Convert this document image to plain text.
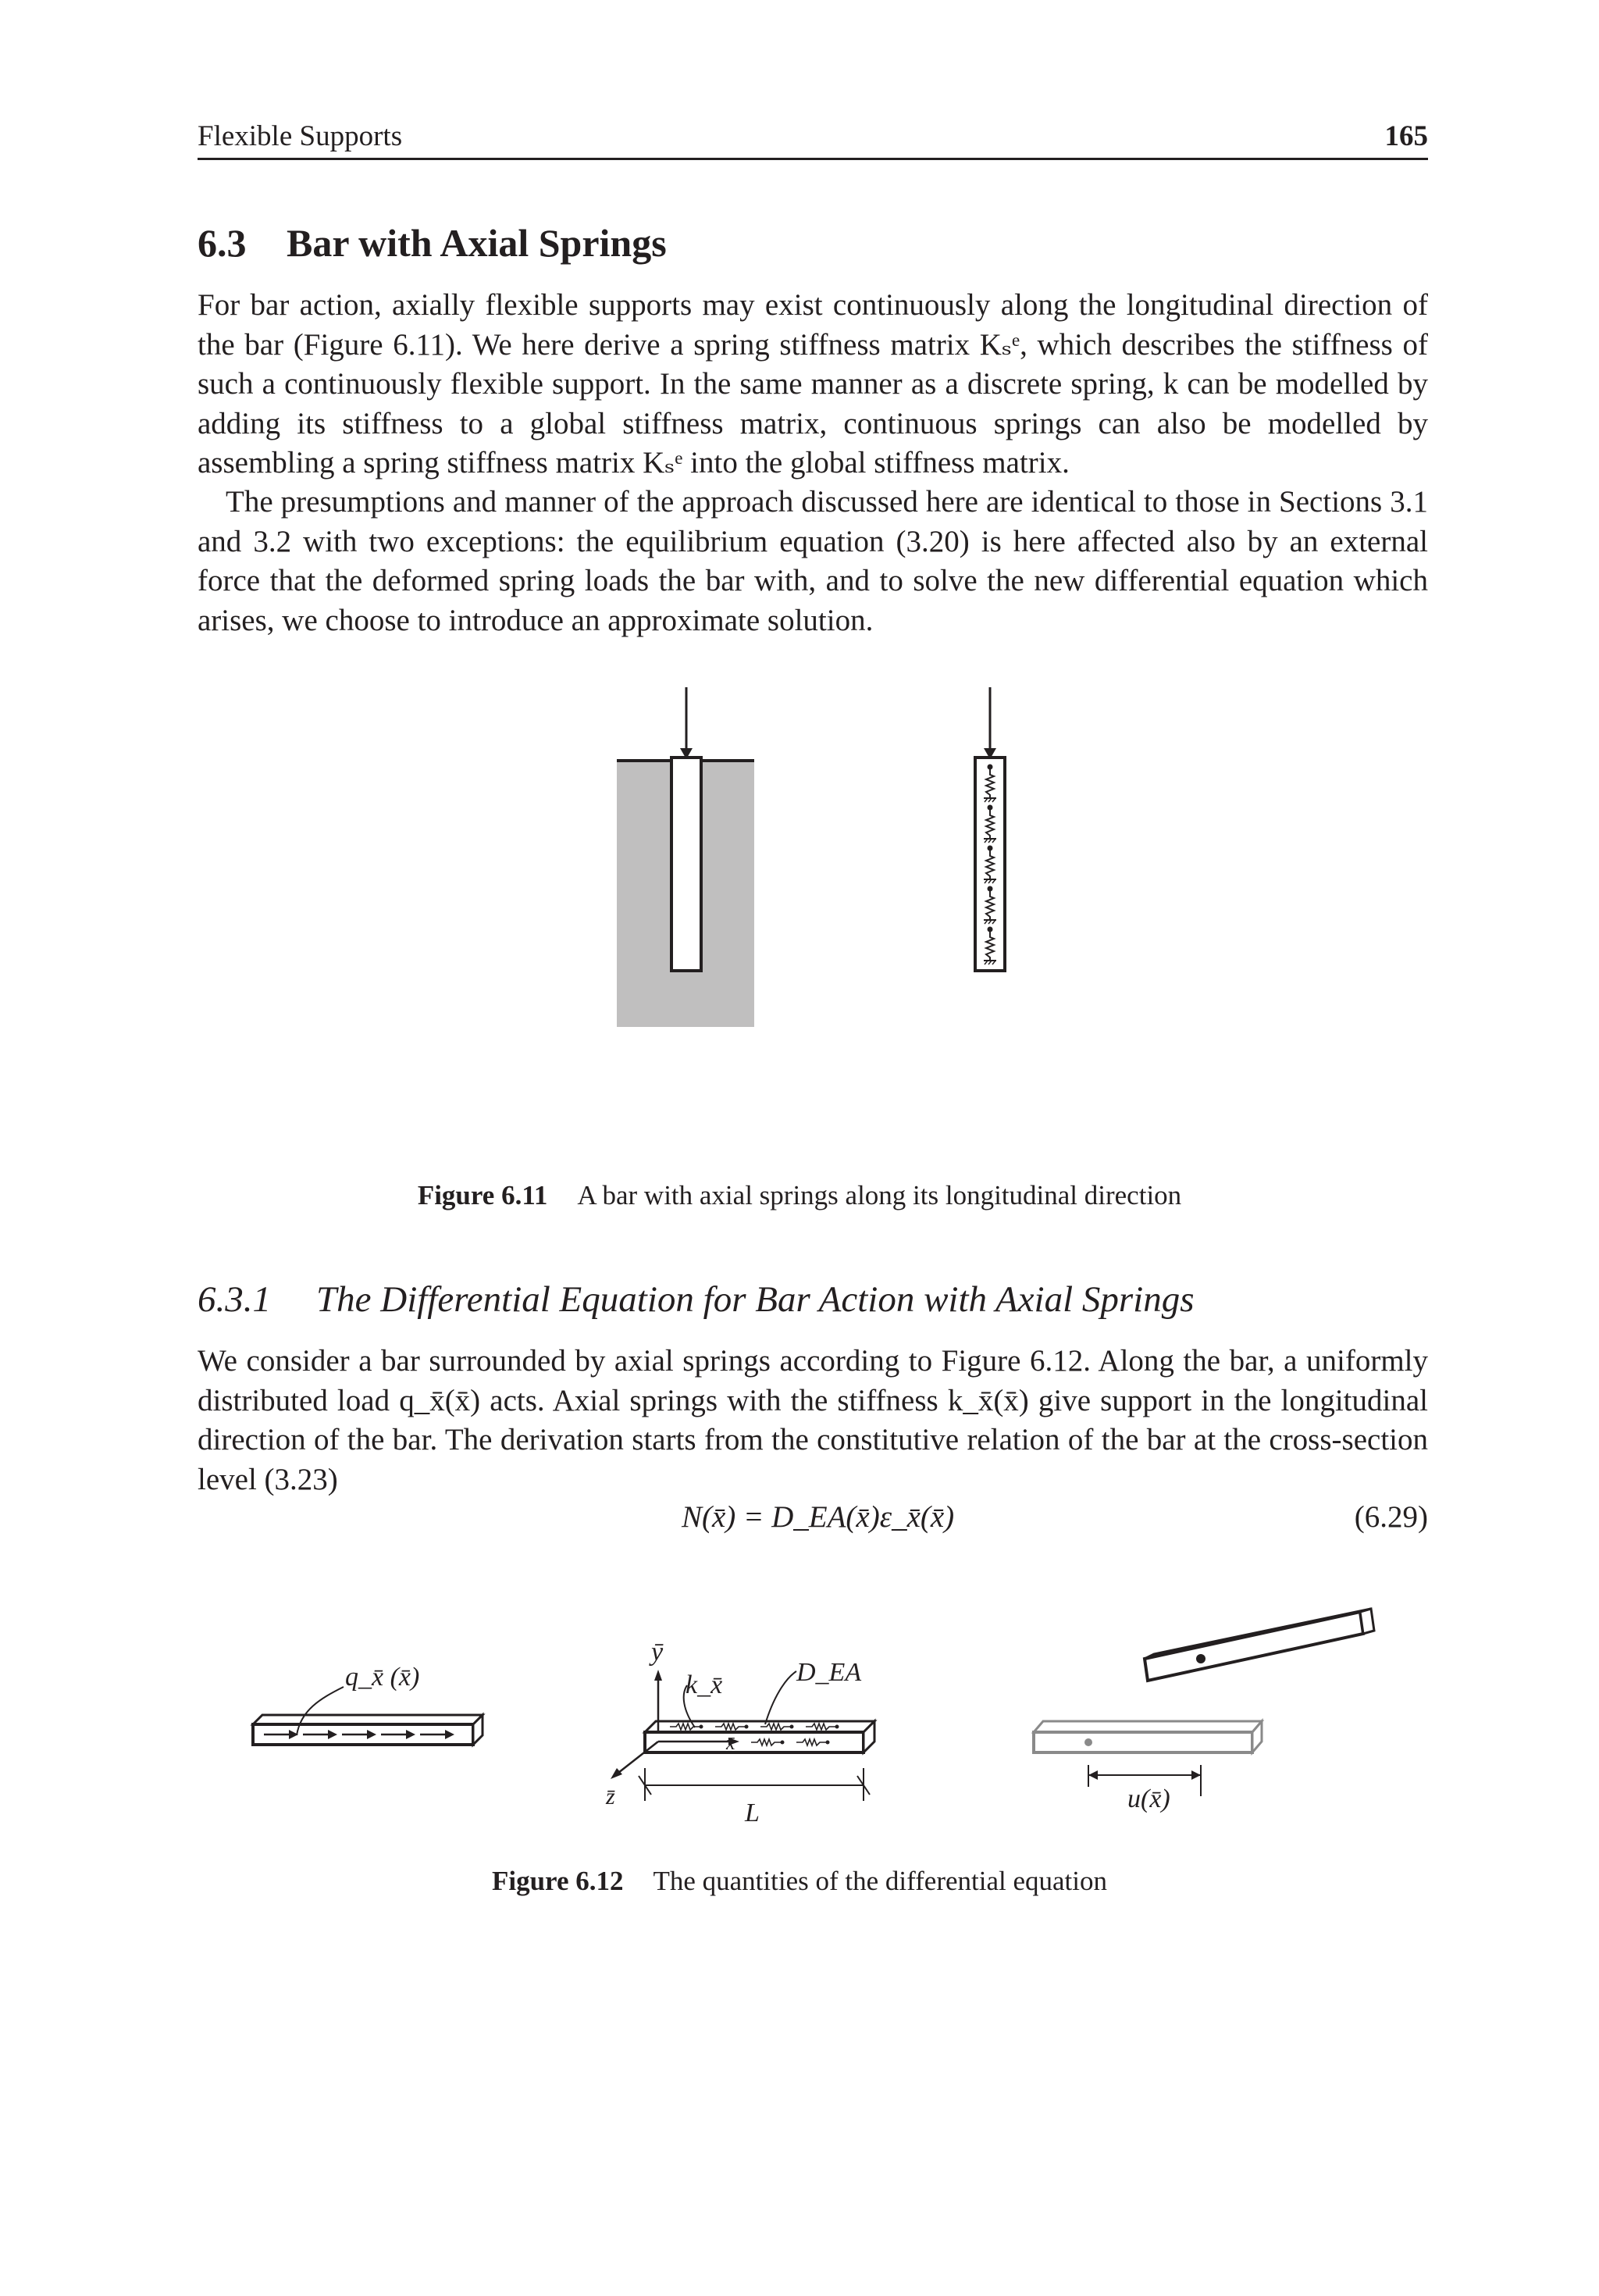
Flexible Supports	165
6.3 Bar with Axial Springs

For bar action, axially flexible supports may exist continuously along the longitudinal direction of the bar (Figure 6.11). We here derive a spring stiffness matrix Kₛᵉ, which describes the stiffness of such a continuously flexible support. In the same manner as a discrete spring, k can be modelled by adding its stiffness to a global stiffness matrix, continuous springs can also be modelled by assembling a spring stiffness matrix Kₛᵉ into the global stiffness matrix.

The presumptions and manner of the approach discussed here are identical to those in Sections 3.1 and 3.2 with two exceptions: the equilibrium equation (3.20) is here affected also by an external force that the deformed spring loads the bar with, and to solve the new differential equation which arises, we choose to introduce an approximate solution.

Figure 6.11 A bar with axial springs along its longitudinal direction
6.3.1 The Differential Equation for Bar Action with Axial Springs

We consider a bar surrounded by axial springs according to Figure 6.12. Along the bar, a uniformly distributed load q_x̄(x̄) acts. Axial springs with the stiffness k_x̄(x̄) give support in the longitudinal direction of the bar. The derivation starts from the constitutive relation of the bar at the cross-section level (3.23)

N(x̄) = D_EA(x̄)ε_x̄(x̄)	(6.29)
q_x̄ (x̄)
ȳ
x̄
z̄
k_x̄	D_EA
L	u(x̄)
Figure 6.12 The quantities of the differential equation
